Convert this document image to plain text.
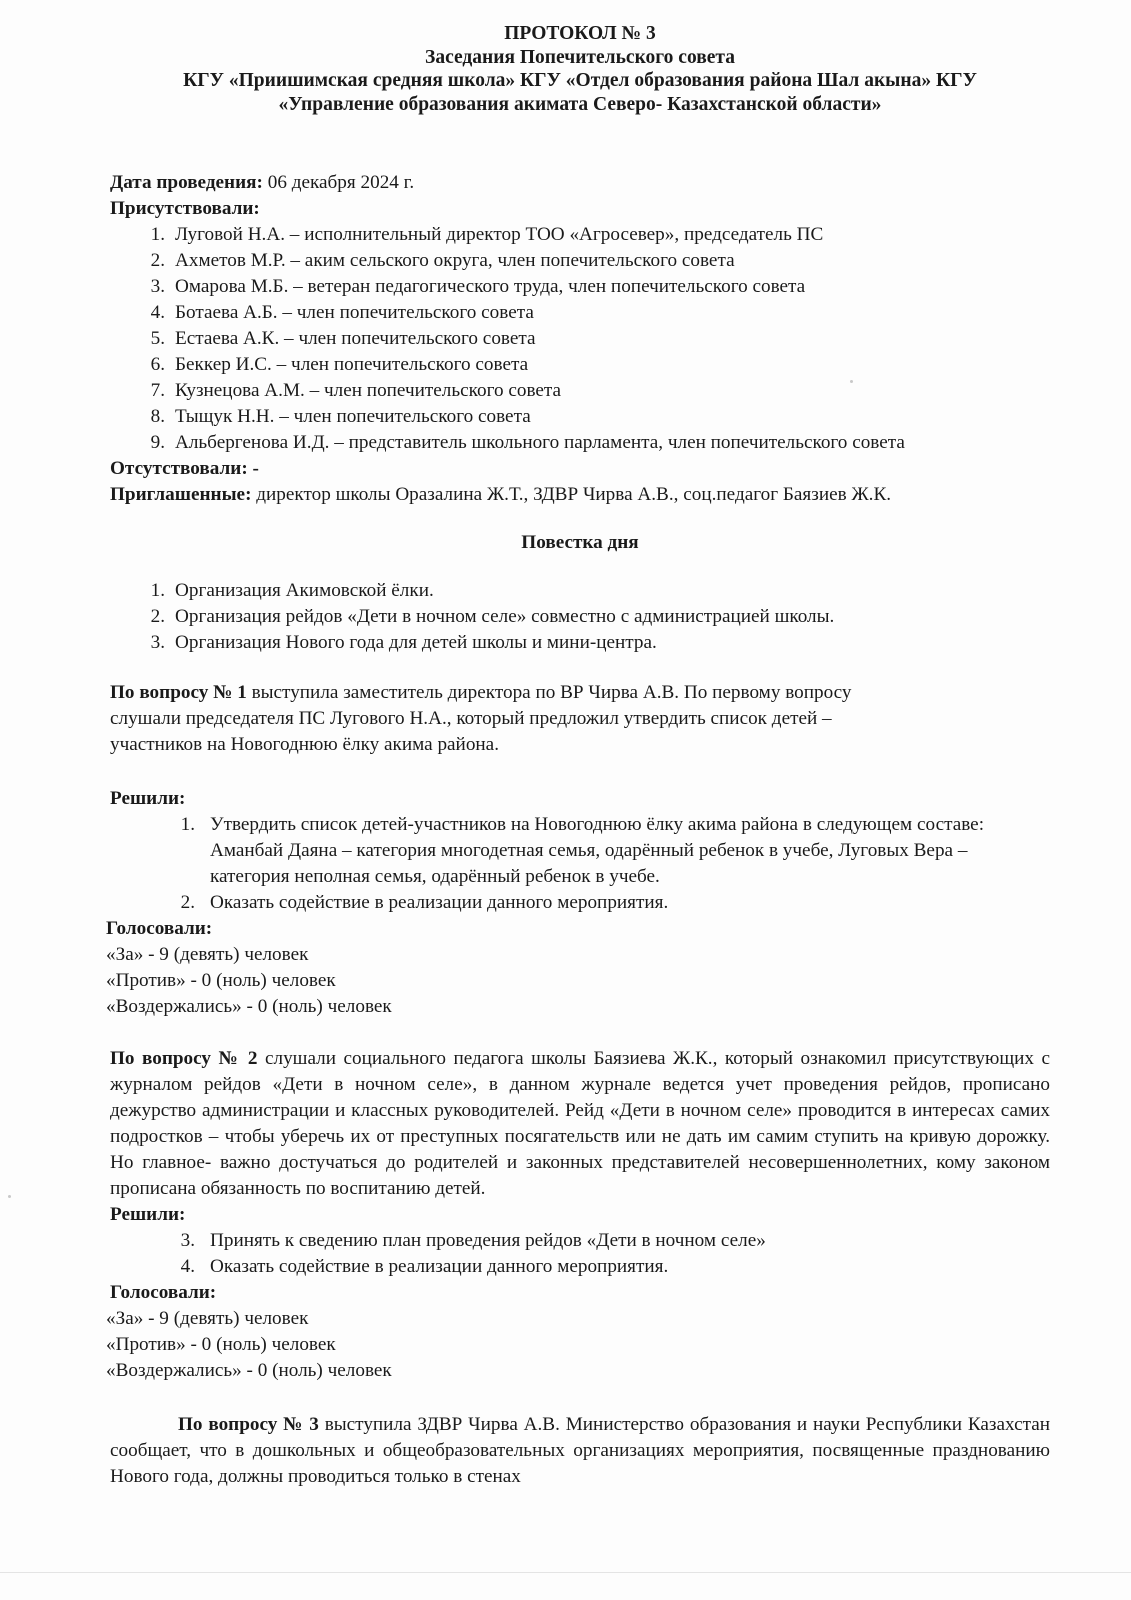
ПРОТОКОЛ № 3
Заседания Попечительского совета
КГУ «Приишимская средняя школа» КГУ «Отдел образования района Шал акына» КГУ
«Управление образования акимата Северо- Казахстанской области»
Дата проведения: 06 декабря 2024 г.
Присутствовали:
1. Луговой Н.А. – исполнительный директор ТОО «Агросевер», председатель ПС
2. Ахметов М.Р. – аким сельского округа, член попечительского совета
3. Омарова М.Б. – ветеран педагогического труда, член попечительского совета
4. Ботаева А.Б. – член попечительского совета
5. Естаева А.К. – член попечительского совета
6. Беккер И.С. – член попечительского совета
7. Кузнецова А.М. – член попечительского совета
8. Тыщук Н.Н. – член попечительского совета
9. Альбергенова И.Д. – представитель школьного парламента, член попечительского совета
Отсутствовали: -
Приглашенные: директор школы Оразалина Ж.Т., ЗДВР Чирва А.В., соц.педагог Баязиев Ж.К.
Повестка дня
1. Организация Акимовской ёлки.
2. Организация рейдов «Дети в ночном селе» совместно с администрацией школы.
3. Организация Нового года для детей школы и мини-центра.
По вопросу № 1 выступила заместитель директора по ВР Чирва А.В. По первому вопросу
слушали председателя ПС Лугового Н.А., который предложил утвердить список детей –
участников на Новогоднюю ёлку акима района.
Решили:
1. Утвердить список детей-участников на Новогоднюю ёлку акима района в следующем составе: Аманбай Даяна – категория многодетная семья, одарённый ребенок в учебе, Луговых Вера – категория неполная семья, одарённый ребенок в учебе.
2. Оказать содействие в реализации данного мероприятия.
Голосовали:
«За» - 9 (девять) человек
«Против» - 0 (ноль) человек
«Воздержались» - 0 (ноль) человек
По вопросу № 2 слушали социального педагога школы Баязиева Ж.К., который ознакомил присутствующих с журналом рейдов «Дети в ночном селе», в данном журнале ведется учет проведения рейдов, прописано дежурство администрации и классных руководителей. Рейд «Дети в ночном селе» проводится в интересах самих подростков – чтобы уберечь их от преступных посягательств или не дать им самим ступить на кривую дорожку. Но главное- важно достучаться до родителей и законных представителей несовершеннолетних, кому законом прописана обязанность по воспитанию детей.
Решили:
3. Принять к сведению план проведения рейдов «Дети в ночном селе»
4. Оказать содействие в реализации данного мероприятия.
Голосовали:
«За» - 9 (девять) человек
«Против» - 0 (ноль) человек
«Воздержались» - 0 (ноль) человек
По вопросу № 3 выступила ЗДВР Чирва А.В. Министерство образования и науки Республики Казахстан сообщает, что в дошкольных и общеобразовательных организациях мероприятия, посвященные празднованию Нового года, должны проводиться только в стенах
